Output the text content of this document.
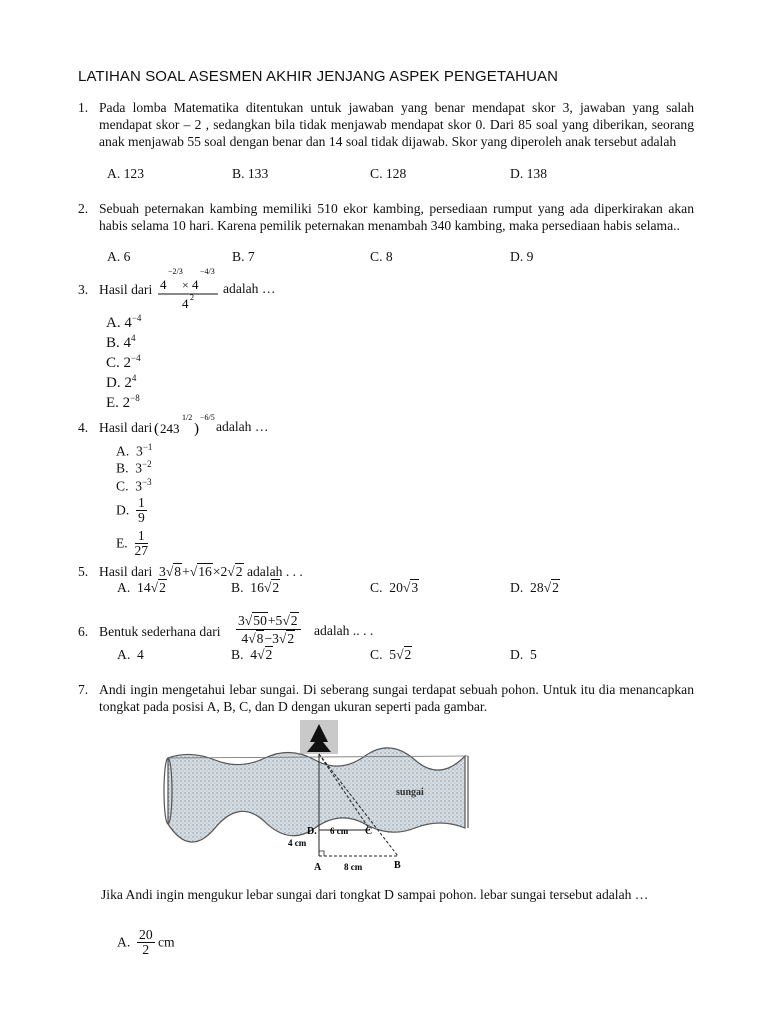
LATIHAN SOAL ASESMEN AKHIR JENJANG ASPEK PENGETAHUAN
1. Pada lomba Matematika ditentukan untuk jawaban yang benar mendapat skor 3, jawaban yang salah mendapat skor – 2 , sedangkan bila tidak menjawab mendapat skor 0. Dari 85 soal yang diberikan, seorang anak menjawab 55 soal dengan benar dan 14 soal tidak dijawab. Skor yang diperoleh anak tersebut adalah
A. 123	B. 133	C. 128	D. 138
2. Sebuah peternakan kambing memiliki 510 ekor kambing, persediaan rumput yang ada diperkirakan akan habis selama 10 hari. Karena pemilik peternakan menambah 340 kambing, maka persediaan habis selama..
A. 6	B. 7	C. 8	D. 9
3. Hasil dari 4
−2/3
× 4
−4/3
4 2
adalah …
A. $4^{-4}$
B. $4^4$
C. $2^{-4}$
D. $2^4$
E. $2^{-8}$
4. Hasil dari ( 243
1/2
)
−6/5
adalah …
A. $3^{-1}$
B. $3^{-2}$
C. $3^{-3}$
D. $\frac{1}{9}$
E. $\frac{1}{27}$
5. Hasil dari 3√8+√16×2√2 adalah . . .
A. 14√2	B. 16√2	C. 20√3	D. 28√2
6. Bentuk sederhana dari	$\frac{3√50+5√2}{4√8-3√2}$ adalah .. . .
A. 4	B. 4√2	C. 5√2	D. 5
7. Andi ingin mengetahui lebar sungai. Di seberang sungai terdapat sebuah pohon. Untuk itu dia menancapkan tongkat pada posisi A, B, C, dan D dengan ukuran seperti pada gambar.
sungai
D. 6 cm C
4 cm
A	8 cm	B
Jika Andi ingin mengukur lebar sungai dari tongkat D sampai pohon. lebar sungai tersebut adalah …
A. $\frac{20}{2}$ cm
